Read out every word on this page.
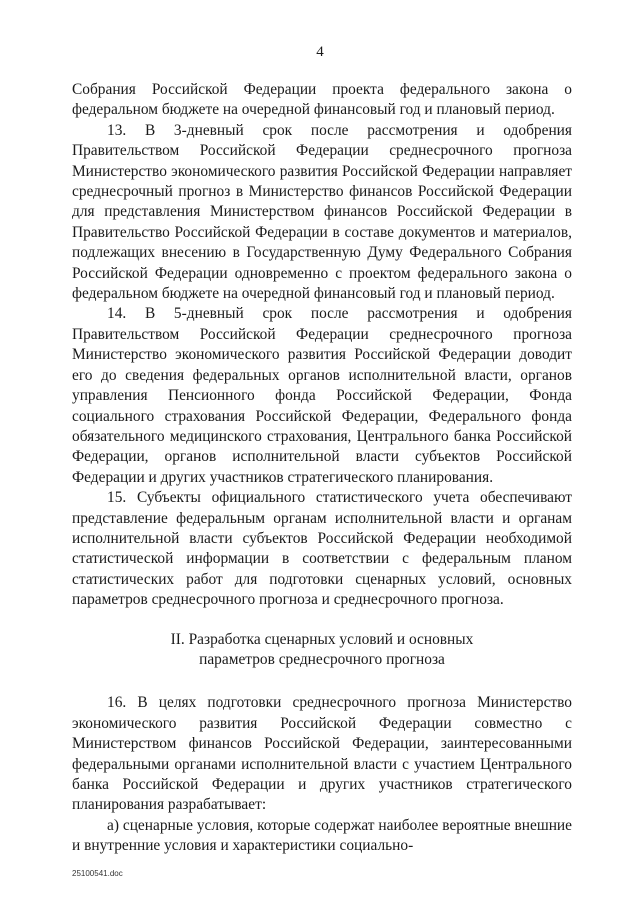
4

Собрания Российской Федерации проекта федерального закона о федеральном бюджете на очередной финансовый год и плановый период.

13. В 3-дневный срок после рассмотрения и одобрения Правительством Российской Федерации среднесрочного прогноза Министерство экономического развития Российской Федерации направляет среднесрочный прогноз в Министерство финансов Российской Федерации для представления Министерством финансов Российской Федерации в Правительство Российской Федерации в составе документов и материалов, подлежащих внесению в Государственную Думу Федерального Собрания Российской Федерации одновременно с проектом федерального закона о федеральном бюджете на очередной финансовый год и плановый период.

14. В 5-дневный срок после рассмотрения и одобрения Правительством Российской Федерации среднесрочного прогноза Министерство экономического развития Российской Федерации доводит его до сведения федеральных органов исполнительной власти, органов управления Пенсионного фонда Российской Федерации, Фонда социального страхования Российской Федерации, Федерального фонда обязательного медицинского страхования, Центрального банка Российской Федерации, органов исполнительной власти субъектов Российской Федерации и других участников стратегического планирования.

15. Субъекты официального статистического учета обеспечивают представление федеральным органам исполнительной власти и органам исполнительной власти субъектов Российской Федерации необходимой статистической информации в соответствии с федеральным планом статистических работ для подготовки сценарных условий, основных параметров среднесрочного прогноза и среднесрочного прогноза.

II. Разработка сценарных условий и основных
параметров среднесрочного прогноза

16. В целях подготовки среднесрочного прогноза Министерство экономического развития Российской Федерации совместно с Министерством финансов Российской Федерации, заинтересованными федеральными органами исполнительной власти с участием Центрального банка Российской Федерации и других участников стратегического планирования разрабатывает:

а) сценарные условия, которые содержат наиболее вероятные внешние и внутренние условия и характеристики социально-

25100541.doc
